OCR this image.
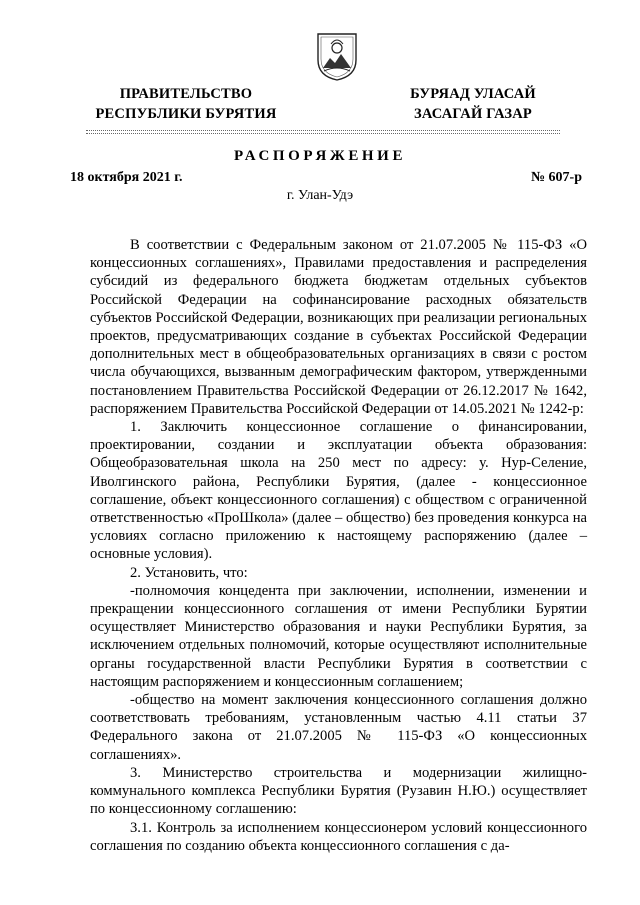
ПРАВИТЕЛЬСТВО
РЕСПУБЛИКИ БУРЯТИЯ
БУРЯАД УЛАСАЙ
ЗАСАГАЙ ГАЗАР
РАСПОРЯЖЕНИЕ
18 октября 2021 г.	№ 607-р
г. Улан-Удэ

В соответствии с Федеральным законом от 21.07.2005 № 115-ФЗ «О концессионных соглашениях», Правилами предоставления и распределения субсидий из федерального бюджета бюджетам отдельных субъектов Российской Федерации на софинансирование расходных обязательств субъектов Российской Федерации, возникающих при реализации региональных проектов, предусматривающих создание в субъектах Российской Федерации дополнительных мест в общеобразовательных организациях в связи с ростом числа обучающихся, вызванным демографическим фактором, утвержденными постановлением Правительства Российской Федерации от 26.12.2017 № 1642, распоряжением Правительства Российской Федерации от 14.05.2021 № 1242-р:

1. Заключить концессионное соглашение о финансировании, проектировании, создании и эксплуатации объекта образования: Общеобразовательная школа на 250 мест по адресу: у. Нур-Селение, Иволгинского района, Республики Бурятия, (далее - концессионное соглашение, объект концессионного соглашения) с обществом с ограниченной ответственностью «ПроШкола» (далее – общество) без проведения конкурса на условиях согласно приложению к настоящему распоряжению (далее – основные условия).

2. Установить, что:

-полномочия концедента при заключении, исполнении, изменении и прекращении концессионного соглашения от имени Республики Бурятии осуществляет Министерство образования и науки Республики Бурятия, за исключением отдельных полномочий, которые осуществляют исполнительные органы государственной власти Республики Бурятия в соответствии с настоящим распоряжением и концессионным соглашением;

-общество на момент заключения концессионного соглашения должно соответствовать требованиям, установленным частью 4.11 статьи 37 Федерального закона от 21.07.2005 № 115-ФЗ «О концессионных соглашениях».

3. Министерство строительства и модернизации жилищно-коммунального комплекса Республики Бурятия (Рузавин Н.Ю.) осуществляет по концессионному соглашению:

3.1. Контроль за исполнением концессионером условий концессионного соглашения по созданию объекта концессионного соглашения с да-
